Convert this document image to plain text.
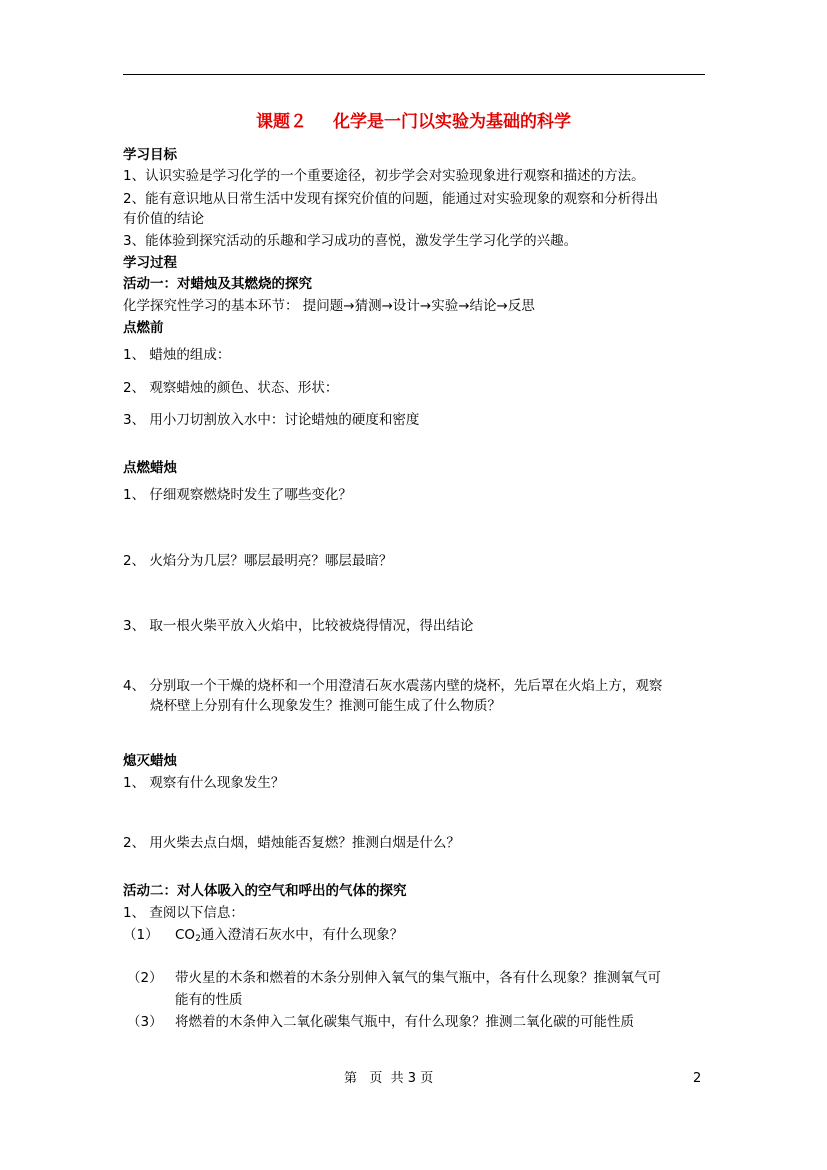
课题２ 化学是一门以实验为基础的科学
学习目标
1、认识实验是学习化学的一个重要途径，初步学会对实验现象进行观察和描述的方法。
2、能有意识地从日常生活中发现有探究价值的问题，能通过对实验现象的观察和分析得出
有价值的结论
3、能体验到探究活动的乐趣和学习成功的喜悦，激发学生学习化学的兴趣。
学习过程
活动一：对蜡烛及其燃烧的探究
化学探究性学习的基本环节： 提问题→猜测→设计→实验→结论→反思
点燃前
1、 蜡烛的组成：
2、 观察蜡烛的颜色、状态、形状：
3、 用小刀切割放入水中：讨论蜡烛的硬度和密度
点燃蜡烛
1、 仔细观察燃烧时发生了哪些变化？
2、 火焰分为几层？哪层最明亮？哪层最暗？
3、 取一根火柴平放入火焰中，比较被烧得情况，得出结论
4、 分别取一个干燥的烧杯和一个用澄清石灰水震荡内壁的烧杯，先后罩在火焰上方，观察
烧杯壁上分别有什么现象发生？推测可能生成了什么物质？
熄灭蜡烛
1、 观察有什么现象发生？
2、 用火柴去点白烟，蜡烛能否复燃？推测白烟是什么？
活动二：对人体吸入的空气和呼出的气体的探究
1、 查阅以下信息：
（1） $CO_2$通入澄清石灰水中，有什么现象？
（2） 带火星的木条和燃着的木条分别伸入氧气的集气瓶中，各有什么现象？推测氧气可
能有的性质
（3） 将燃着的木条伸入二氧化碳集气瓶中，有什么现象？推测二氧化碳的可能性质
第   页  共 3 页	2
